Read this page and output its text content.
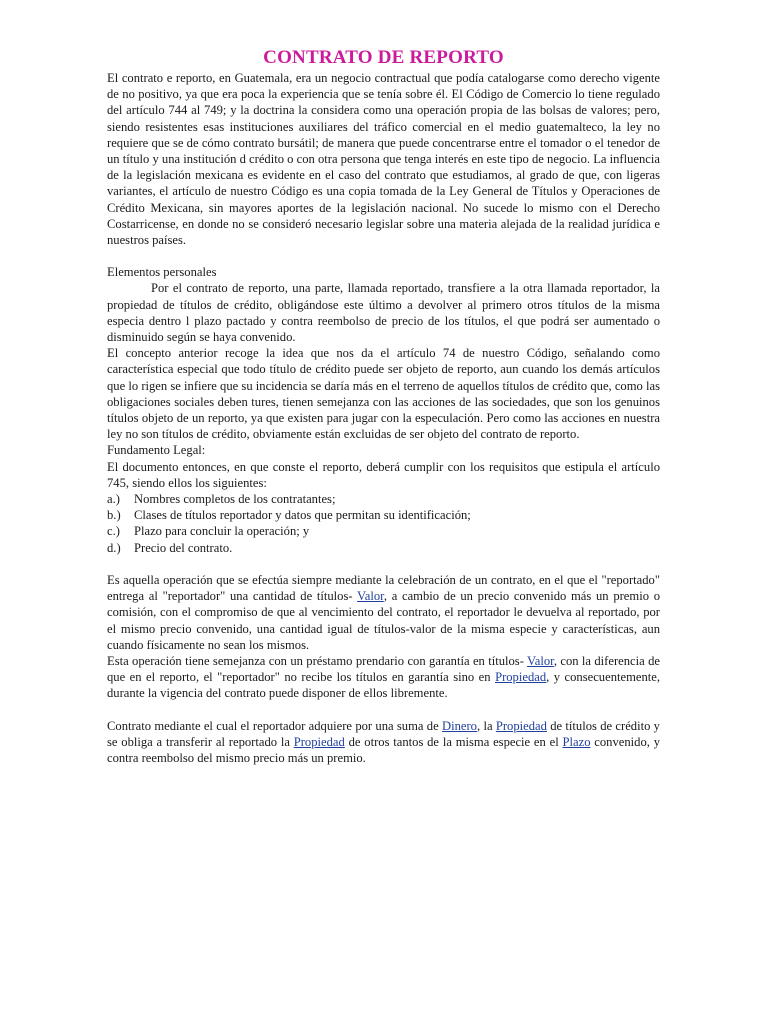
CONTRATO DE REPORTO

El contrato e reporto, en Guatemala, era un negocio contractual que podía catalogarse como derecho vigente de no positivo, ya que era poca la experiencia que se tenía sobre él. El Código de Comercio lo tiene regulado del artículo 744 al 749; y la doctrina la considera como una operación propia de las bolsas de valores; pero, siendo resistentes esas instituciones auxiliares del tráfico comercial en el medio guatemalteco, la ley no requiere que se de cómo contrato bursátil; de manera que puede concentrarse entre el tomador o el tenedor de un título y una institución d crédito o con otra persona que tenga interés en este tipo de negocio. La influencia de la legislación mexicana es evidente en el caso del contrato que estudiamos, al grado de que, con ligeras variantes, el artículo de nuestro Código es una copia tomada de la Ley General de Títulos y Operaciones de Crédito Mexicana, sin mayores aportes de la legislación nacional. No sucede lo mismo con el Derecho Costarricense, en donde no se consideró necesario legislar sobre una materia alejada de la realidad jurídica e nuestros países.

Elementos personales

Por el contrato de reporto, una parte, llamada reportado, transfiere a la otra llamada reportador, la propiedad de títulos de crédito, obligándose este último a devolver al primero otros títulos de la misma especia dentro l plazo pactado y contra reembolso de precio de los títulos, el que podrá ser aumentado o disminuido según se haya convenido.

El concepto anterior recoge la idea que nos da el artículo 74 de nuestro Código, señalando como característica especial que todo título de crédito puede ser objeto de reporto, aun cuando los demás artículos que lo rigen se infiere que su incidencia se daría más en el terreno de aquellos títulos de crédito que, como las obligaciones sociales deben tures, tienen semejanza con las acciones de las sociedades, que son los genuinos títulos objeto de un reporto, ya que existen para jugar con la especulación. Pero como las acciones en nuestra ley no son títulos de crédito, obviamente están excluidas de ser objeto del contrato de reporto.

Fundamento Legal:

El documento entonces, en que conste el reporto, deberá cumplir con los requisitos que estipula el artículo 745, siendo ellos los siguientes:

a.) Nombres completos de los contratantes;

b.) Clases de títulos reportador y datos que permitan su identificación;

c.) Plazo para concluir la operación; y

d.) Precio del contrato.

Es aquella operación que se efectúa siempre mediante la celebración de un contrato, en el que el "reportado" entrega al "reportador" una cantidad de títulos- Valor, a cambio de un precio convenido más un premio o comisión, con el compromiso de que al vencimiento del contrato, el reportador le devuelva al reportado, por el mismo precio convenido, una cantidad igual de títulos-valor de la misma especie y características, aun cuando físicamente no sean los mismos.

Esta operación tiene semejanza con un préstamo prendario con garantía en títulos- Valor, con la diferencia de que en el reporto, el "reportador" no recibe los títulos en garantía sino en Propiedad, y consecuentemente, durante la vigencia del contrato puede disponer de ellos libremente.

Contrato mediante el cual el reportador adquiere por una suma de Dinero, la Propiedad de títulos de crédito y se obliga a transferir al reportado la Propiedad de otros tantos de la misma especie en el Plazo convenido, y contra reembolso del mismo precio más un premio.
